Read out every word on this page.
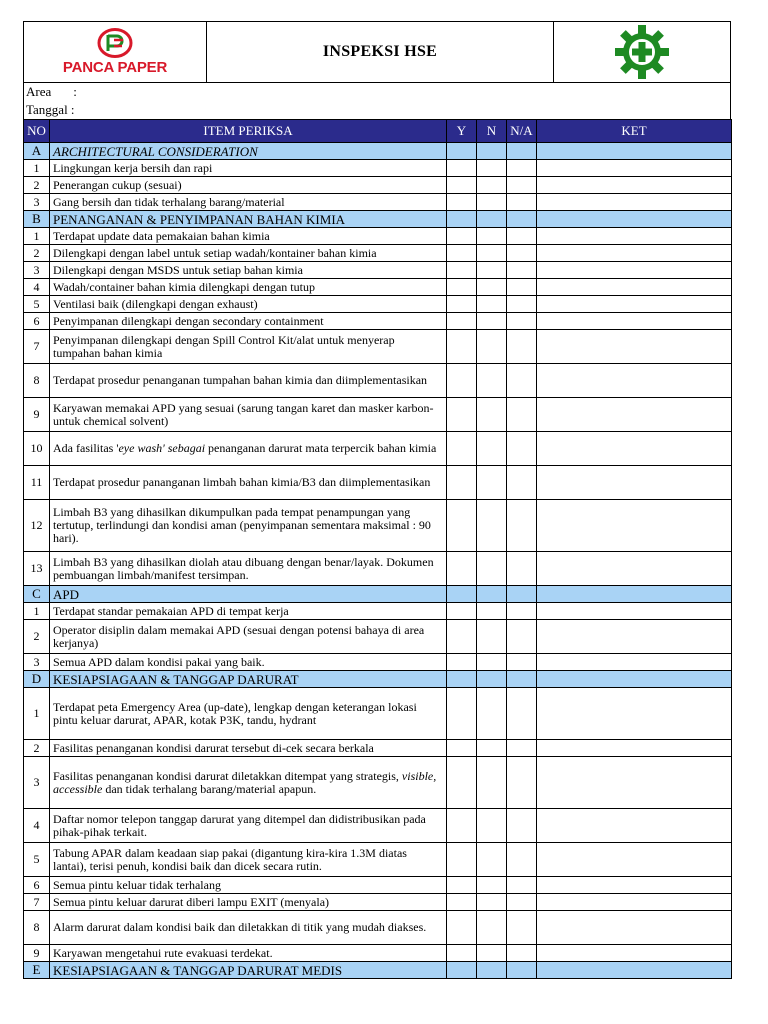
PANCA PAPER
INSPEKSI HSE
Area :
Tanggal :
NO	ITEM PERIKSA	Y	N	N/A	KET
A	ARCHITECTURAL CONSIDERATION				
1	Lingkungan kerja bersih dan rapi				
2	Penerangan cukup (sesuai)				
3	Gang bersih dan tidak terhalang barang/material				
B	PENANGANAN & PENYIMPANAN BAHAN KIMIA				
1	Terdapat update data pemakaian bahan kimia				
2	Dilengkapi dengan label untuk setiap wadah/kontainer bahan kimia				
3	Dilengkapi dengan MSDS untuk setiap bahan kimia				
4	Wadah/container bahan kimia dilengkapi dengan tutup				
5	Ventilasi baik (dilengkapi dengan exhaust)				
6	Penyimpanan dilengkapi dengan secondary containment				
7	Penyimpanan dilengkapi dengan Spill Control Kit/alat untuk menyerap tumpahan bahan kimia				
8	Terdapat prosedur penanganan tumpahan bahan kimia dan diimplementasikan				
9	Karyawan memakai APD yang sesuai (sarung tangan karet dan masker karbon-untuk chemical solvent)				
10	Ada fasilitas 'eye wash' sebagai penanganan darurat mata terpercik bahan kimia				
11	Terdapat prosedur pananganan limbah bahan kimia/B3 dan diimplementasikan				
12	Limbah B3 yang dihasilkan dikumpulkan pada tempat penampungan yang tertutup, terlindungi dan kondisi aman (penyimpanan sementara maksimal : 90 hari).				
13	Limbah B3 yang dihasilkan diolah atau dibuang dengan benar/layak. Dokumen pembuangan limbah/manifest tersimpan.				
C	APD				
1	Terdapat standar pemakaian APD di tempat kerja				
2	Operator disiplin dalam memakai APD (sesuai dengan potensi bahaya di area kerjanya)				
3	Semua APD dalam kondisi pakai yang baik.				
D	KESIAPSIAGAAN & TANGGAP DARURAT				
1	Terdapat peta Emergency Area (up-date), lengkap dengan keterangan lokasi pintu keluar darurat, APAR, kotak P3K, tandu, hydrant				
2	Fasilitas penanganan kondisi darurat tersebut di-cek secara berkala				
3	Fasilitas penanganan kondisi darurat diletakkan ditempat yang strategis, visible, accessible dan tidak terhalang barang/material apapun.				
4	Daftar nomor telepon tanggap darurat yang ditempel dan didistribusikan pada pihak-pihak terkait.				
5	Tabung APAR dalam keadaan siap pakai (digantung kira-kira 1.3M diatas lantai), terisi penuh, kondisi baik dan dicek secara rutin.				
6	Semua pintu keluar tidak terhalang				
7	Semua pintu keluar darurat diberi lampu EXIT (menyala)				
8	Alarm darurat dalam kondisi baik dan diletakkan di titik yang mudah diakses.				
9	Karyawan mengetahui rute evakuasi terdekat.				
E	KESIAPSIAGAAN & TANGGAP DARURAT MEDIS				
